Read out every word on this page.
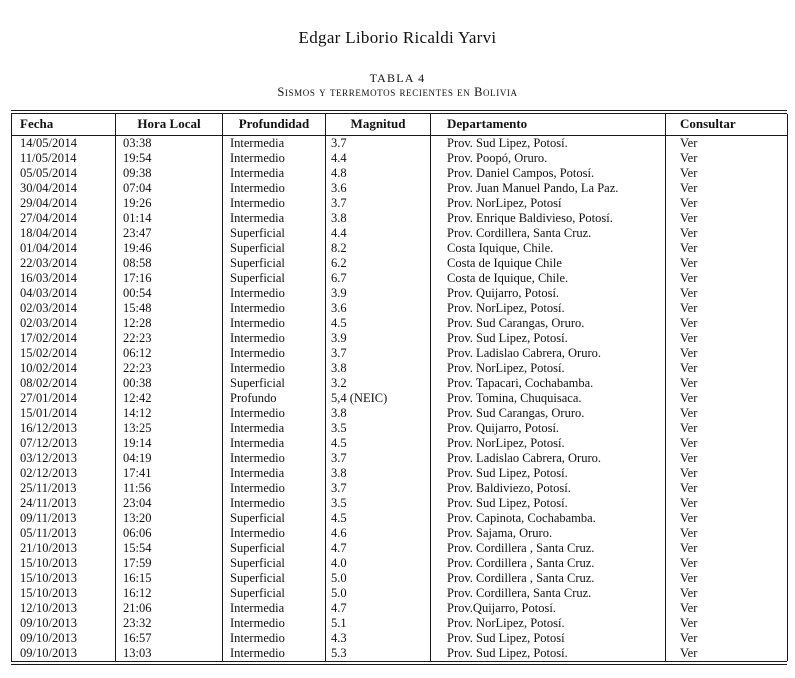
Edgar Liborio Ricaldi Yarvi
TABLA 4
Sismos y terremotos recientes en Bolivia
Fecha	Hora Local	Profundidad	Magnitud	Departamento	Consultar
14/05/2014	03:38	Intermedia	3.7	Prov. Sud Lipez, Potosí.	Ver
11/05/2014	19:54	Intermedio	4.4	Prov. Poopó, Oruro.	Ver
05/05/2014	09:38	Intermedia	4.8	Prov. Daniel Campos, Potosí.	Ver
30/04/2014	07:04	Intermedio	3.6	Prov. Juan Manuel Pando, La Paz.	Ver
29/04/2014	19:26	Intermedio	3.7	Prov. NorLipez, Potosí	Ver
27/04/2014	01:14	Intermedia	3.8	Prov. Enrique Baldivieso, Potosí.	Ver
18/04/2014	23:47	Superficial	4.4	Prov. Cordillera, Santa Cruz.	Ver
01/04/2014	19:46	Superficial	8.2	Costa Iquique, Chile.	Ver
22/03/2014	08:58	Superficial	6.2	Costa de Iquique Chile	Ver
16/03/2014	17:16	Superficial	6.7	Costa de Iquique, Chile.	Ver
04/03/2014	00:54	Intermedio	3.9	Prov. Quijarro, Potosí.	Ver
02/03/2014	15:48	Intermedio	3.6	Prov. NorLipez, Potosí.	Ver
02/03/2014	12:28	Intermedio	4.5	Prov. Sud Carangas, Oruro.	Ver
17/02/2014	22:23	Intermedio	3.9	Prov. Sud Lipez, Potosí.	Ver
15/02/2014	06:12	Intermedio	3.7	Prov. Ladislao Cabrera, Oruro.	Ver
10/02/2014	22:23	Intermedio	3.8	Prov. NorLipez, Potosí.	Ver
08/02/2014	00:38	Superficial	3.2	Prov. Tapacari, Cochabamba.	Ver
27/01/2014	12:42	Profundo	5,4 (NEIC)	Prov. Tomina, Chuquisaca.	Ver
15/01/2014	14:12	Intermedio	3.8	Prov. Sud Carangas, Oruro.	Ver
16/12/2013	13:25	Intermedia	3.5	Prov. Quijarro, Potosí.	Ver
07/12/2013	19:14	Intermedia	4.5	Prov. NorLipez, Potosí.	Ver
03/12/2013	04:19	Intermedio	3.7	Prov. Ladislao Cabrera, Oruro.	Ver
02/12/2013	17:41	Intermedia	3.8	Prov. Sud Lipez, Potosí.	Ver
25/11/2013	11:56	Intermedio	3.7	Prov. Baldiviezo, Potosí.	Ver
24/11/2013	23:04	Intermedio	3.5	Prov. Sud Lipez, Potosí.	Ver
09/11/2013	13:20	Superficial	4.5	Prov. Capinota, Cochabamba.	Ver
05/11/2013	06:06	Intermedio	4.6	Prov. Sajama, Oruro.	Ver
21/10/2013	15:54	Superficial	4.7	Prov. Cordillera , Santa Cruz.	Ver
15/10/2013	17:59	Superficial	4.0	Prov. Cordillera , Santa Cruz.	Ver
15/10/2013	16:15	Superficial	5.0	Prov. Cordillera , Santa Cruz.	Ver
15/10/2013	16:12	Superficial	5.0	Prov. Cordillera, Santa Cruz.	Ver
12/10/2013	21:06	Intermedia	4.7	Prov.Quijarro, Potosí.	Ver
09/10/2013	23:32	Intermedio	5.1	Prov. NorLipez, Potosí.	Ver
09/10/2013	16:57	Intermedio	4.3	Prov. Sud Lipez, Potosí	Ver
09/10/2013	13:03	Intermedio	5.3	Prov. Sud Lipez, Potosí.	Ver
